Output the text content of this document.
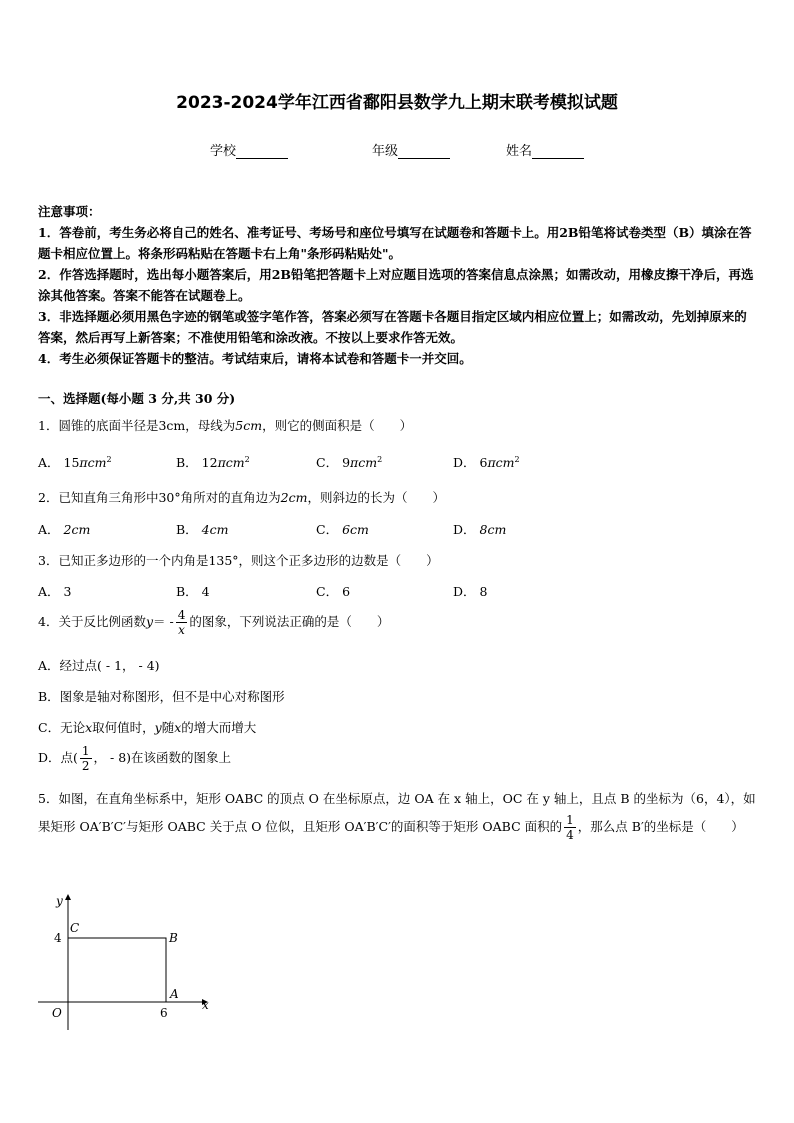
2023-2024学年江西省鄱阳县数学九上期末联考模拟试题
学校	年级	姓名
注意事项：
1．答卷前，考生务必将自己的姓名、准考证号、考场号和座位号填写在试题卷和答题卡上。用2B铅笔将试卷类型（B）填涂在答题卡相应位置上。将条形码粘贴在答题卡右上角"条形码粘贴处"。
2．作答选择题时，选出每小题答案后，用2B铅笔把答题卡上对应题目选项的答案信息点涂黑；如需改动，用橡皮擦干净后，再选涂其他答案。答案不能答在试题卷上。
3．非选择题必须用黑色字迹的钢笔或签字笔作答，答案必须写在答题卡各题目指定区域内相应位置上；如需改动，先划掉原来的答案，然后再写上新答案；不准使用铅笔和涂改液。不按以上要求作答无效。
4．考生必须保证答题卡的整洁。考试结束后，请将本试卷和答题卡一并交回。
一、选择题(每小题 3 分,共 30 分)
1．圆锥的底面半径是3cm，母线为5cm，则它的侧面积是（　　）
A． 15πcm$^2$	B． 12πcm$^2$	C． 9πcm$^2$	D． 6πcm$^2$
2．已知直角三角形中30°角所对的直角边为2cm，则斜边的长为（　　）
A． 2cm	B． 4cm	C． 6cm	D． 8cm
3．已知正多边形的一个内角是135°，则这个正多边形的边数是（　　）
A． 3	B． 4	C． 6	D． 8
4．关于反比例函数$y= - \frac{4}{x}$ 的图象，下列说法正确的是（　　）
A．经过点( - 1， - 4)
B．图象是轴对称图形，但不是中心对称图形
C．无论x取何值时，y随x的增大而增大
D．点( $\frac{1}{2}$ ， - 8)在该函数的图象上
5．如图，在直角坐标系中，矩形 OABC 的顶点 O 在坐标原点，边 OA 在 x 轴上，OC 在 y 轴上，且点 B 的坐标为（6，4），如果矩形 OA′B′C′与矩形 OABC 关于点 O 位似，且矩形 OA′B′C′的面积等于矩形 OABC 面积的 $\frac{1}{4}$ ，那么点 B′的坐标是（　　）
y
x
O
C
B
A
4
6
